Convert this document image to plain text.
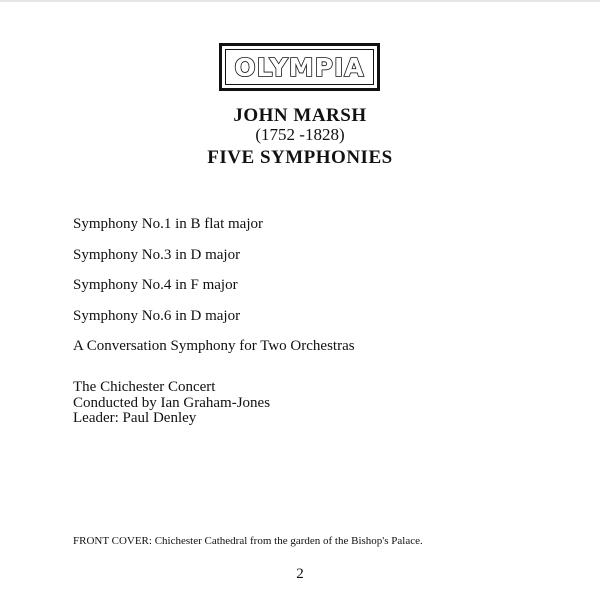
OLYMPIA
JOHN MARSH
(1752 -1828)
FIVE SYMPHONIES
Symphony No.1 in B flat major
Symphony No.3 in D major
Symphony No.4 in F major
Symphony No.6 in D major
A Conversation Symphony for Two Orchestras
The Chichester Concert
Conducted by Ian Graham-Jones
Leader: Paul Denley
FRONT COVER: Chichester Cathedral from the garden of the Bishop's Palace.
2
